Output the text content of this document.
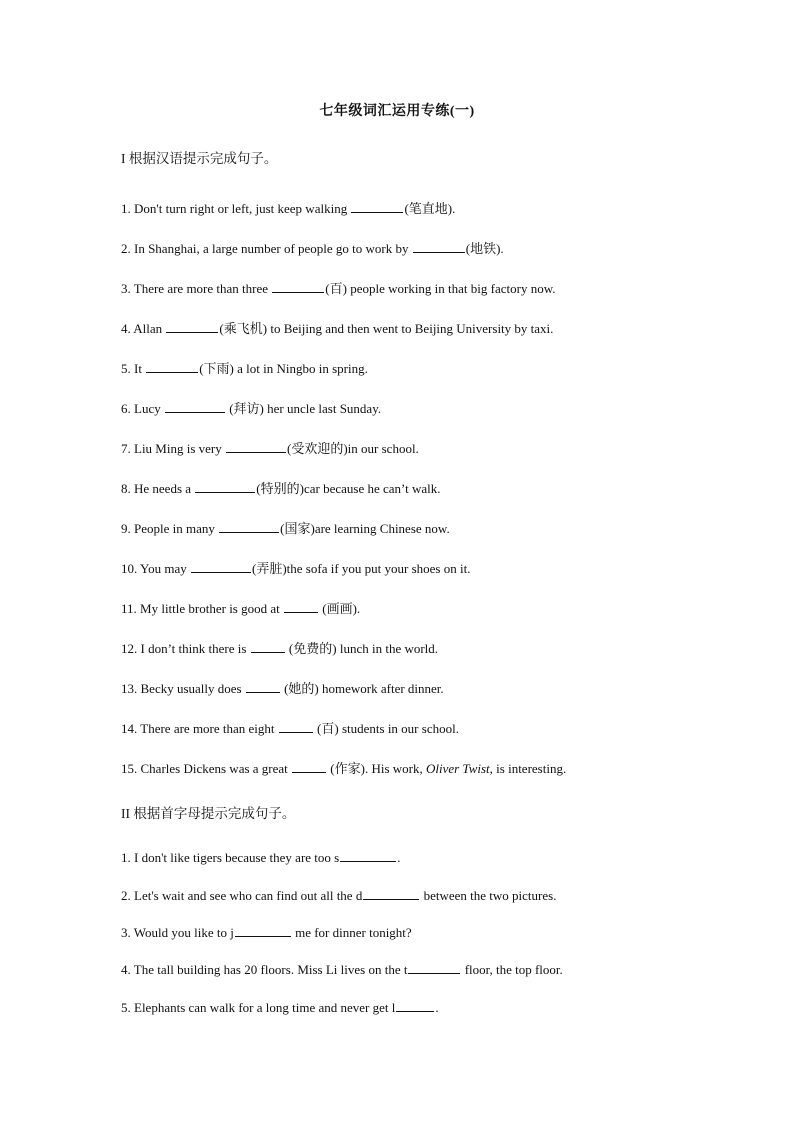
七年级词汇运用专练(一)
I 根据汉语提示完成句子。
1. Don't turn right or left, just keep walking	(笔直地).
2. In Shanghai, a large number of people go to work by	(地铁).
3. There are more than three	(百) people working in that big factory now.
4. Allan	(乘飞机) to Beijing and then went to Beijing University by taxi.
5. It	(下雨) a lot in Ningbo in spring.
6. Lucy	(拜访) her uncle last Sunday.
7. Liu Ming is very	(受欢迎的)in our school.
8. He needs a	(特别的)car because he can’t walk.
9. People in many	(国家)are learning Chinese now.
10. You may	(弄脏)the sofa if you put your shoes on it.
11. My little brother is good at	(画画).
12. I don’t think there is	(免费的) lunch in the world.
13. Becky usually does	(她的) homework after dinner.
14. There are more than eight	(百) students in our school.
15. Charles Dickens was a great	(作家). His work, Oliver Twist, is interesting.
II 根据首字母提示完成句子。
1. I don't like tigers because they are too s	.
2. Let's wait and see who can find out all the d	between the two pictures.
3. Would you like to j	me for dinner tonight?
4. The tall building has 20 floors. Miss Li lives on the t	floor, the top floor.
5. Elephants can walk for a long time and never get l	.
